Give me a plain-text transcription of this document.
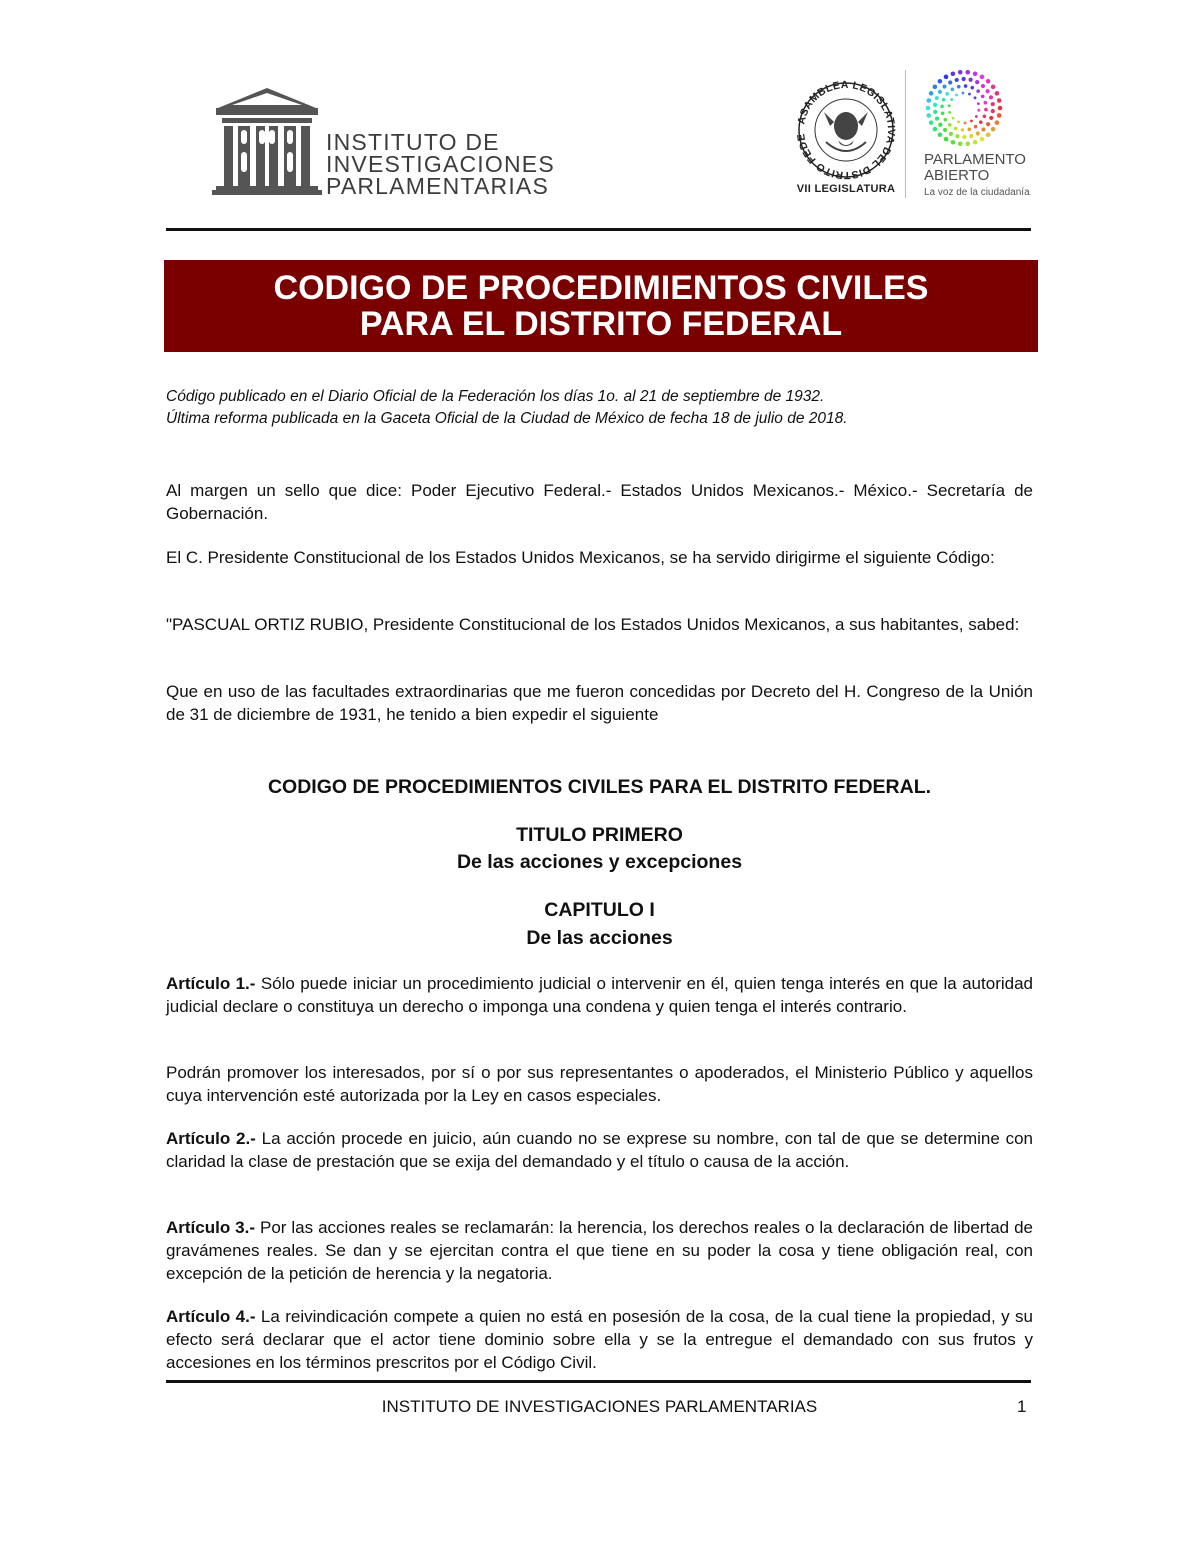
INSTITUTO DE
INVESTIGACIONES
PARLAMENTARIAS
ASAMBLEA LEGISLATIVA DEL DISTRITO FEDE
VII LEGISLATURA
PARLAMENTO
ABIERTO
La voz de la ciudadanía
CODIGO DE PROCEDIMIENTOS CIVILES
PARA EL DISTRITO FEDERAL
Código publicado en el Diario Oficial de la Federación los días 1o. al 21 de septiembre de 1932.
Última reforma publicada en la Gaceta Oficial de la Ciudad de México de fecha 18 de julio de 2018.
Al margen un sello que dice: Poder Ejecutivo Federal.- Estados Unidos Mexicanos.- México.- Secretaría de Gobernación.
El C. Presidente Constitucional de los Estados Unidos Mexicanos, se ha servido dirigirme el siguiente Código:
"PASCUAL ORTIZ RUBIO, Presidente Constitucional de los Estados Unidos Mexicanos, a sus habitantes, sabed:
Que en uso de las facultades extraordinarias que me fueron concedidas por Decreto del H. Congreso de la Unión de 31 de diciembre de 1931, he tenido a bien expedir el siguiente
CODIGO DE PROCEDIMIENTOS CIVILES PARA EL DISTRITO FEDERAL.
TITULO PRIMERO
De las acciones y excepciones
CAPITULO I
De las acciones
Artículo 1.- Sólo puede iniciar un procedimiento judicial o intervenir en él, quien tenga interés en que la autoridad judicial declare o constituya un derecho o imponga una condena y quien tenga el interés contrario.
Podrán promover los interesados, por sí o por sus representantes o apoderados, el Ministerio Público y aquellos cuya intervención esté autorizada por la Ley en casos especiales.
Artículo 2.- La acción procede en juicio, aún cuando no se exprese su nombre, con tal de que se determine con claridad la clase de prestación que se exija del demandado y el título o causa de la acción.
Artículo 3.- Por las acciones reales se reclamarán: la herencia, los derechos reales o la declaración de libertad de gravámenes reales. Se dan y se ejercitan contra el que tiene en su poder la cosa y tiene obligación real, con excepción de la petición de herencia y la negatoria.
Artículo 4.- La reivindicación compete a quien no está en posesión de la cosa, de la cual tiene la propiedad, y su efecto será declarar que el actor tiene dominio sobre ella y se la entregue el demandado con sus frutos y accesiones en los términos prescritos por el Código Civil.
INSTITUTO DE INVESTIGACIONES PARLAMENTARIAS	1
